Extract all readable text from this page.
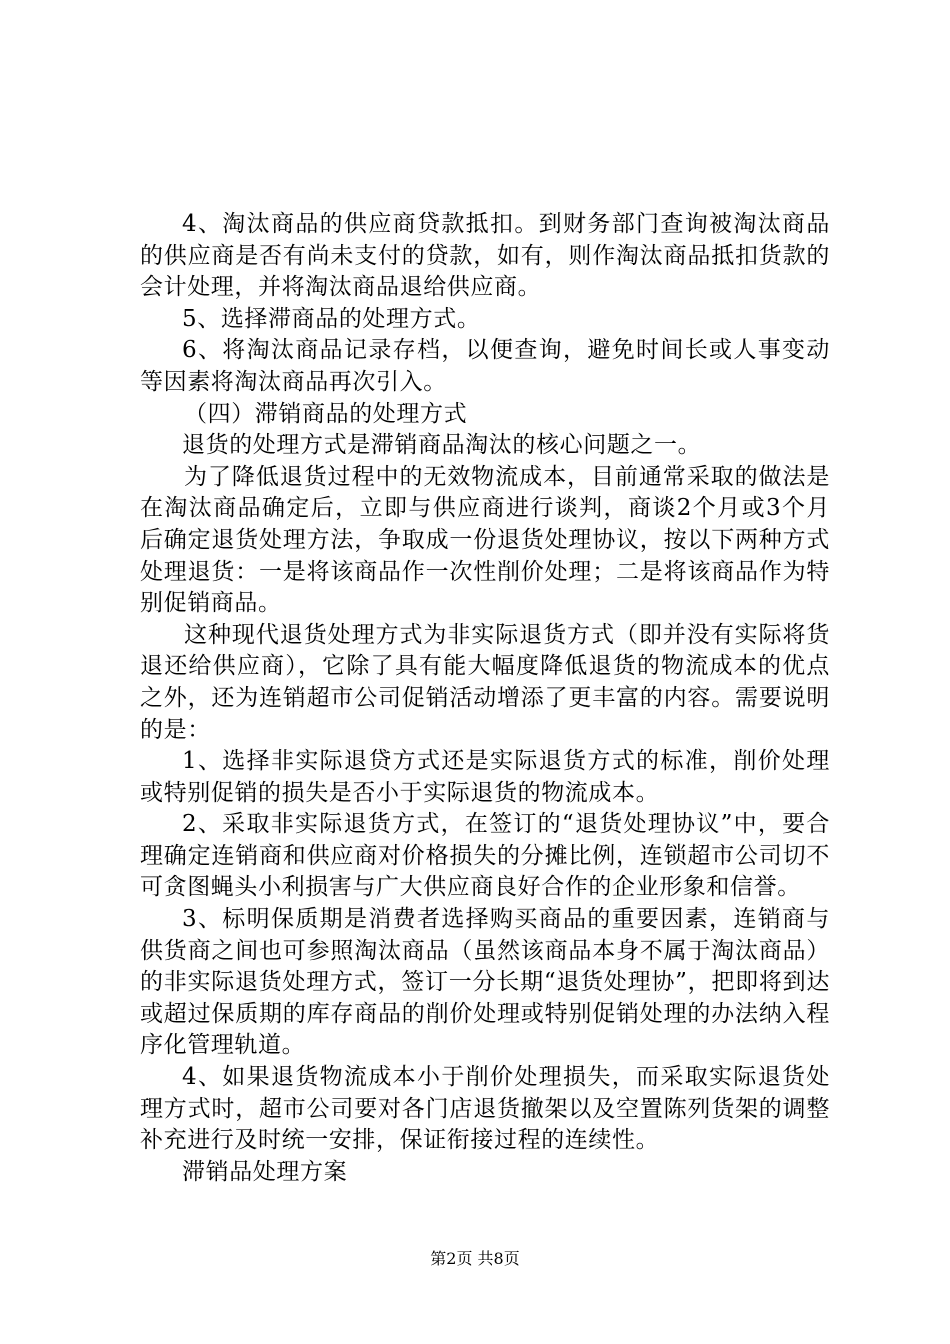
4、淘汰商品的供应商贷款抵扣。到财务部门查询被淘汰商品的供应商是否有尚未支付的贷款，如有，则作淘汰商品抵扣货款的会计处理，并将淘汰商品退给供应商。

5、选择滞商品的处理方式。

6、将淘汰商品记录存档，以便查询，避免时间长或人事变动等因素将淘汰商品再次引入。

（四）滞销商品的处理方式

退货的处理方式是滞销商品淘汰的核心问题之一。

为了降低退货过程中的无效物流成本，目前通常采取的做法是在淘汰商品确定后，立即与供应商进行谈判，商谈2个月或3个月后确定退货处理方法，争取成一份退货处理协议，按以下两种方式处理退货：一是将该商品作一次性削价处理；二是将该商品作为特别促销商品。

这种现代退货处理方式为非实际退货方式（即并没有实际将货退还给供应商），它除了具有能大幅度降低退货的物流成本的优点之外，还为连销超市公司促销活动增添了更丰富的内容。需要说明的是：

1、选择非实际退贷方式还是实际退货方式的标准，削价处理或特别促销的损失是否小于实际退货的物流成本。

2、采取非实际退货方式，在签订的“退货处理协议”中，要合理确定连销商和供应商对价格损失的分摊比例，连锁超市公司切不可贪图蝇头小利损害与广大供应商良好合作的企业形象和信誉。

3、标明保质期是消费者选择购买商品的重要因素，连销商与供货商之间也可参照淘汰商品（虽然该商品本身不属于淘汰商品）的非实际退货处理方式，签订一分长期“退货处理协”，把即将到达或超过保质期的库存商品的削价处理或特别促销处理的办法纳入程序化管理轨道。

4、如果退货物流成本小于削价处理损失，而采取实际退货处理方式时，超市公司要对各门店退货撤架以及空置陈列货架的调整补充进行及时统一安排，保证衔接过程的连续性。

滞销品处理方案

第2页 共8页
